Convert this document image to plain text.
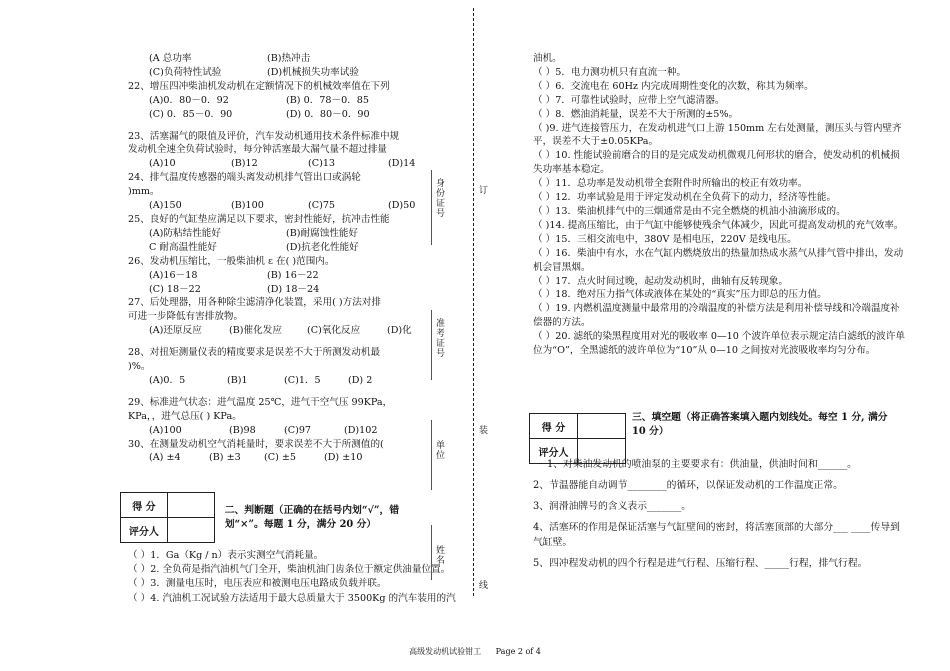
(A 总功率	(B)热冲击
(C)负荷特性试验	(D)机械损失功率试验
22、增压四冲柴油机发动机在定额情况下的机械效率值在下列
(A)0．80－0．92	(B) 0．78－0．85
(C) 0．85－0．90	(D) 0．80－0．90
23、活塞漏气的限值及评价，汽车发动机通用技术条件标准中规
发动机全速全负荷试验时，每分钟活塞最大漏气量不超过排量
(A)10	(B)12	(C)13	(D)14
24、排气温度传感器的端头离发动机排气管出口或涡轮
)mm。
(A)150	(B)100	(C)75	(D)50
25、良好的气缸垫应满足以下要求，密封性能好，抗冲击性能
(A)防粘结性能好	(B)耐腐蚀性能好
C 耐高温性能好	(D)抗老化性能好
26、发动机压缩比，一般柴油机 ε 在( )范围内。
(A)16－18	(B) 16－22
(C) 18－22	(D) 18－24
27、后处理器，用各种除尘滤清净化装置，采用( )方法对排
可进一步降低有害排放物。
(A)还原反应	(B)催化发应	(C)氧化反应	(D)化
28、对扭矩测量仪表的精度要求是误差不大于所测发动机最
)%。
(A)0．5	(B)1	(C)1．5	(D) 2
29、标准进气状态：进气温度 25℃，进气干空气压 99KPa，
KPa，，进气总压( ) KPa。
(A)100	(B)98	(C)97	(D)102
30、在测量发动机空气消耗量时，要求误差不大于所测值的(
(A) ±4	(B) ±3	(C) ±5	(D) ±10
得 分	
评分人	
二、判断题（正确的在括号内划“√”，错
划“×”。每题 1 分，满分 20 分）
（ ）1．Ga（Kg / n）表示实测空气消耗量。
（ ）2. 全负荷是指汽油机气门全开，柴油机油门齿条位于额定供油量位置。
（ ）3．测量电压时，电压表应和被测电压电路成负载并联。
（ ）4. 汽油机工况试验方法适用于最大总质量大于 3500Kg 的汽车装用的汽
身份证号	订
准考证号
单位
装
姓名
线
油机。
（ ）5．电力测功机只有直流一种。
（ ）6．交流电在 60Hz 内完成周期性变化的次数，称其为频率。
（ ）7．可靠性试验时，应带上空气滤清器。
（ ）8．燃油消耗量，误差不大于所测的±5%。
（ )9. 进气连接管压力，在发动机进气口上游 150mm 左右处测量，测压头与管内壁齐平，误差不大于±0.05KPa。
（ ）10. 性能试验前磨合的目的是完成发动机微观几何形状的磨合，使发动机的机械损失功率基本稳定。
（ ）11．总功率是发动机带全套附件时所输出的校正有效功率。
（ ）12．功率试验是用于评定发动机在全负荷下的动力，经济等性能。
（ ）13．柴油机排气中的三烟通常是由不完全燃烧的机油小油滴形成的。
（ )14. 提高压缩比，由于气缸中能够使残余气体减少，因此可提高发动机的充气效率。
（ ）15．三相交流电中，380V 是相电压，220V 是线电压。
（ ）16．柴油中有水，水在气缸内燃烧放出的热量加热成水蒸气从排气管中排出，发动机会冒黑烟。
（ ）17．点火时间过晚，起动发动机时，曲轴有反转现象。
（ ）18．绝对压力指气体或液体在某处的“真实”压力即总的压力值。
（ ）19. 内燃机温度测量中最常用的冷端温度的补偿方法是利用补偿导线和冷端温度补偿器的方法。
（ ）20. 滤纸的染黑程度用对光的吸收率 0—10 个波许单位表示规定洁白滤纸的波许单位为“O”，全黑滤纸的波许单位为“10”从 0—10 之间按对光波吸收率均匀分布。
得 分	
评分人	
三、填空题（将正确答案填入题内划线处。每空 1 分, 满分
10 分）
1、对柴油发动机的喷油泵的主要要求有：供油量，供油时间和______。
2、节温器能自动调节________的循环，以保证发动机的工作温度正常。
3、润滑油牌号的含义表示_______。
4、活塞环的作用是保证活塞与气缸壁间的密封，将活塞顶部的大部分___ ____传导到气缸壁。
5、四冲程发动机的四个行程是进气行程、压缩行程、_____行程，排气行程。
高级发动机试验钳工 Page 2 of 4
